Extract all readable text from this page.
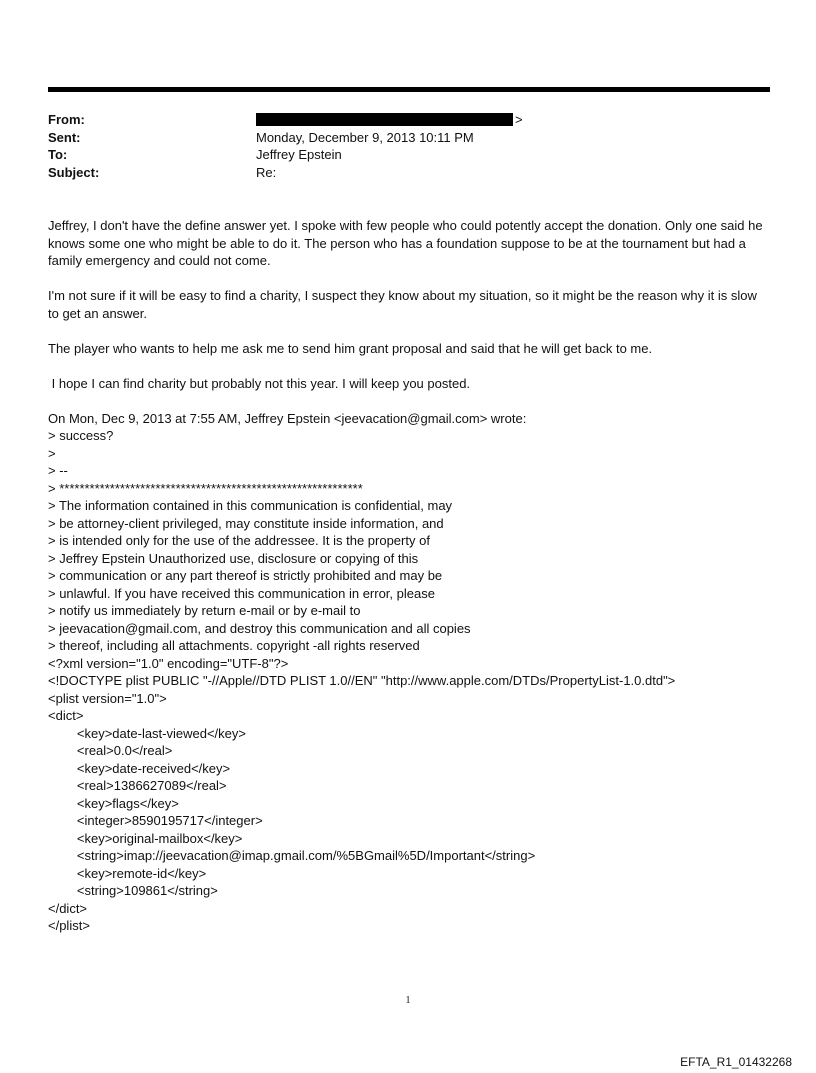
From:	>
Sent:	Monday, December 9, 2013 10:11 PM
To:	Jeffrey Epstein
Subject:	Re:

Jeffrey, I don't have the define answer yet. I spoke with few people who could potently accept the donation. Only one said he knows some one who might be able to do it. The person who has a foundation suppose to be at the tournament but had a family emergency and could not come.

I'm not sure if it will be easy to find a charity, I suspect they know about my situation, so it might be the reason why it is slow to get an answer.

The player who wants to help me ask me to send him grant proposal and said that he will get back to me.

I hope I can find charity but probably not this year. I will keep you posted.

On Mon, Dec 9, 2013 at 7:55 AM, Jeffrey Epstein <jeevacation@gmail.com> wrote:
> success?
>
> --
> ************************************************************
> The information contained in this communication is confidential, may
> be attorney-client privileged, may constitute inside information, and
> is intended only for the use of the addressee. It is the property of
> Jeffrey Epstein Unauthorized use, disclosure or copying of this
> communication or any part thereof is strictly prohibited and may be
> unlawful. If you have received this communication in error, please
> notify us immediately by return e-mail or by e-mail to
> jeevacation@gmail.com, and destroy this communication and all copies
> thereof, including all attachments. copyright -all rights reserved
<?xml version="1.0" encoding="UTF-8"?>
<!DOCTYPE plist PUBLIC "-//Apple//DTD PLIST 1.0//EN" "http://www.apple.com/DTDs/PropertyList-1.0.dtd">
<plist version="1.0">
<dict>
<key>date-last-viewed</key>
<real>0.0</real>
<key>date-received</key>
<real>1386627089</real>
<key>flags</key>
<integer>8590195717</integer>
<key>original-mailbox</key>
<string>imap://jeevacation@imap.gmail.com/%5BGmail%5D/Important</string>
<key>remote-id</key>
<string>109861</string>
</dict>
</plist>
1
EFTA_R1_01432268
